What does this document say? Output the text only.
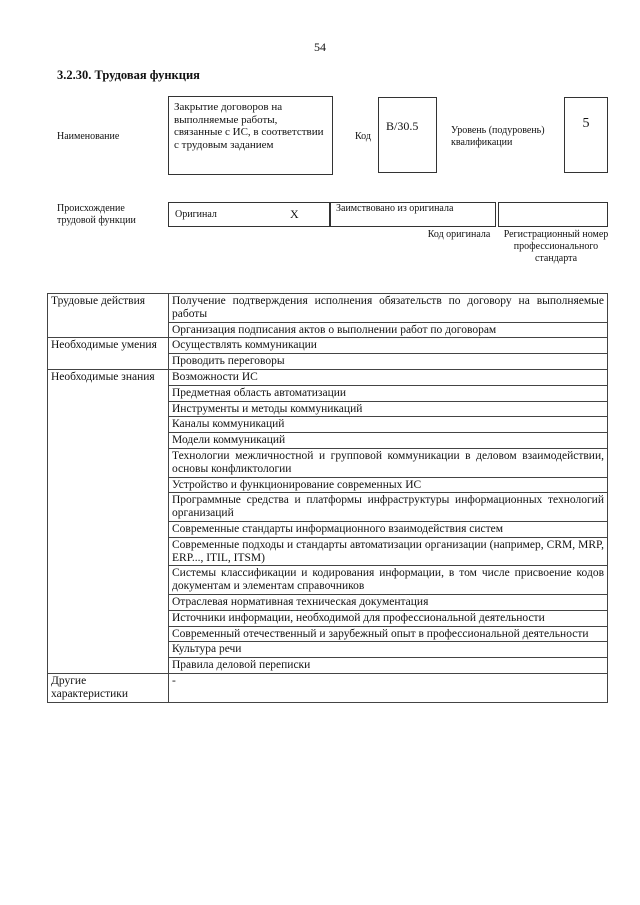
54
3.2.30. Трудовая функция
Наименование
Закрытие договоров на выполняемые работы, связанные с ИС, в соответствии с трудовым заданием
Код
B/30.5	Уровень (подуровень) квалификации
5
Происхождение трудовой функции
Оригинал	X	Заимствовано из оригинала
Код оригинала	Регистрационный номер профессионального стандарта
Трудовые действия	Получение подтверждения исполнения обязательств по договору на выполняемые работы
	Организация подписания актов о выполнении работ по договорам
Необходимые умения	Осуществлять коммуникации
	Проводить переговоры
Необходимые знания	Возможности ИС
	Предметная область автоматизации
	Инструменты и методы коммуникаций
	Каналы коммуникаций
	Модели коммуникаций
	Технологии межличностной и групповой коммуникации в деловом взаимодействии, основы конфликтологии
	Устройство и функционирование современных ИС
	Программные средства и платформы инфраструктуры информационных технологий организаций
	Современные стандарты информационного взаимодействия систем
	Современные подходы и стандарты автоматизации организации (например, CRM, MRP, ERP..., ITIL, ITSM)
	Системы классификации и кодирования информации, в том числе присвоение кодов документам и элементам справочников
	Отраслевая нормативная техническая документация
	Источники информации, необходимой для профессиональной деятельности
	Современный отечественный и зарубежный опыт в профессиональной деятельности
	Культура речи
	Правила деловой переписки
Другие характеристики	-
